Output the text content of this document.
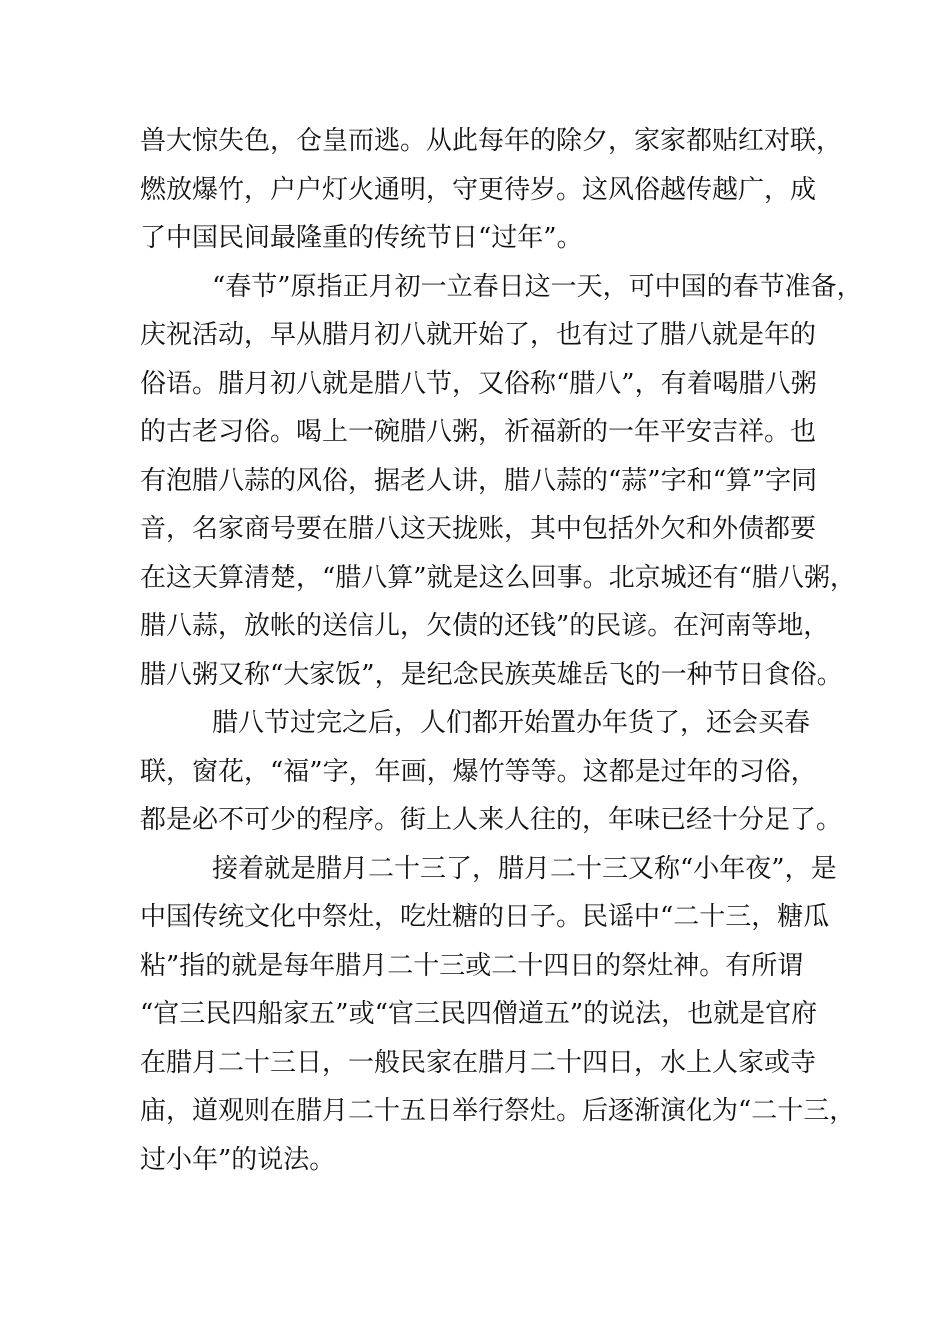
兽大惊失色，仓皇而逃。从此每年的除夕，家家都贴红对联，
燃放爆竹，户户灯火通明，守更待岁。这风俗越传越广，成
了中国民间最隆重的传统节日“过年”。
“春节”原指正月初一立春日这一天，可中国的春节准备，
庆祝活动，早从腊月初八就开始了，也有过了腊八就是年的
俗语。腊月初八就是腊八节，又俗称“腊八”，有着喝腊八粥
的古老习俗。喝上一碗腊八粥，祈福新的一年平安吉祥。也
有泡腊八蒜的风俗，据老人讲，腊八蒜的“蒜”字和“算”字同
音，名家商号要在腊八这天拢账，其中包括外欠和外债都要
在这天算清楚，“腊八算”就是这么回事。北京城还有“腊八粥，
腊八蒜，放帐的送信儿，欠债的还钱”的民谚。在河南等地，
腊八粥又称“大家饭”，是纪念民族英雄岳飞的一种节日食俗。
腊八节过完之后，人们都开始置办年货了，还会买春
联，窗花，“福”字，年画，爆竹等等。这都是过年的习俗，
都是必不可少的程序。街上人来人往的，年味已经十分足了。
接着就是腊月二十三了，腊月二十三又称“小年夜”，是
中国传统文化中祭灶，吃灶糖的日子。民谣中“二十三，糖瓜
粘”指的就是每年腊月二十三或二十四日的祭灶神。有所谓
“官三民四船家五”或“官三民四僧道五”的说法，也就是官府
在腊月二十三日，一般民家在腊月二十四日，水上人家或寺
庙，道观则在腊月二十五日举行祭灶。后逐渐演化为“二十三，
过小年”的说法。
